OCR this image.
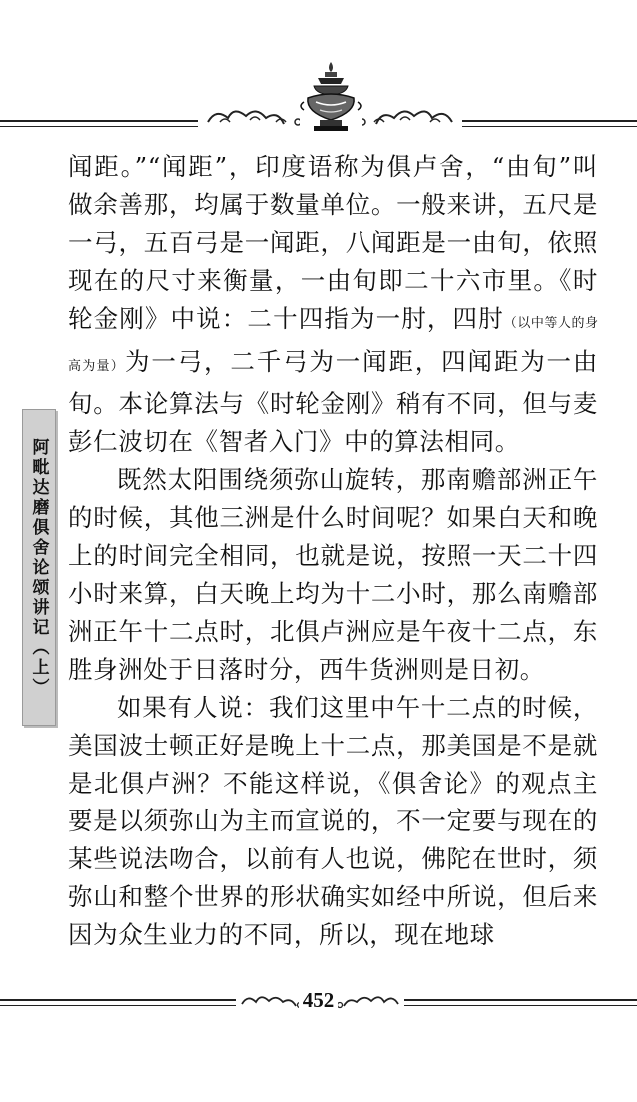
阿毗达磨俱舍论颂讲记（上）

闻距。”“闻距”，印度语称为俱卢舍，“由旬”叫做余善那，均属于数量单位。一般来讲，五尺是一弓，五百弓是一闻距，八闻距是一由旬，依照现在的尺寸来衡量，一由旬即二十六市里。《时轮金刚》中说：二十四指为一肘，四肘（以中等人的身高为量）为一弓，二千弓为一闻距，四闻距为一由旬。本论算法与《时轮金刚》稍有不同，但与麦彭仁波切在《智者入门》中的算法相同。

既然太阳围绕须弥山旋转，那南赡部洲正午的时候，其他三洲是什么时间呢？如果白天和晚上的时间完全相同，也就是说，按照一天二十四小时来算，白天晚上均为十二小时，那么南赡部洲正午十二点时，北俱卢洲应是午夜十二点，东胜身洲处于日落时分，西牛货洲则是日初。

如果有人说：我们这里中午十二点的时候，美国波士顿正好是晚上十二点，那美国是不是就是北俱卢洲？不能这样说，《俱舍论》的观点主要是以须弥山为主而宣说的，不一定要与现在的某些说法吻合，以前有人也说，佛陀在世时，须弥山和整个世界的形状确实如经中所说，但后来因为众生业力的不同，所以，现在地球

452
